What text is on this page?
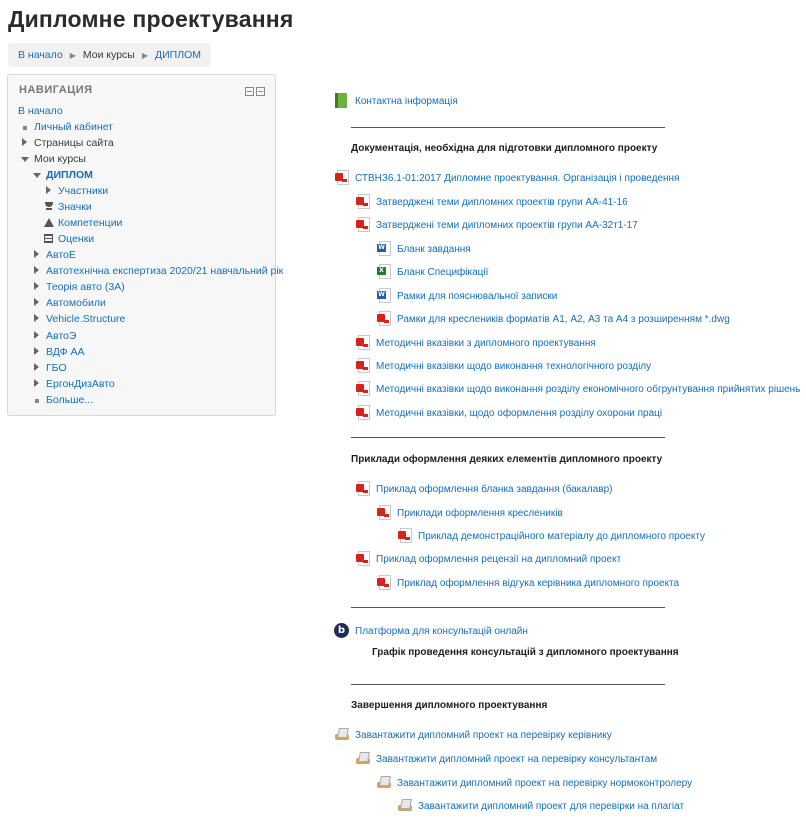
Дипломне проектування
В начало ▶ Мои курсы ▶ ДИПЛОМ
НАВИГАЦИЯ
В начало
Личный кабинет
Страницы сайта
Мои курсы
ДИПЛОМ
Участники
Значки
Компетенции
Оценки
АвтоЕ
Автотехнічна експертиза 2020/21 навчальний рік
Теорія авто (3А)
Автомобили
Vehicle.Structure
АвтоЭ
ВДФ АА
ГБО
ЕргонДизАвто
Больше...
Контактна інформація
Документація, необхідна для підготовки дипломного проекту
СТВНЗ6.1-01:2017 Дипломне проектування. Організація і проведення
Затверджені теми дипломних проектів групи АА-41-16
Затверджені теми дипломних проектів групи АА-32т1-17
W
Бланк завдання
X
Бланк Специфікації
W
Рамки для пояснювальної записки
Рамки для креслеників форматів А1, А2, А3 та А4 з розширенням *.dwg
Методичні вказівки з дипломного проектування
Методичні вказівки щодо виконання технологічного розділу
Методичні вказівки щодо виконання розділу економічного обгрунтування прийнятих рішень
Методичні вказівки, щодо оформлення розділу охорони праці
Приклади оформлення деяких елементів дипломного проекту
Приклад оформлення бланка завдання (бакалавр)
Приклади оформлення креслеників
Приклад демонстраційного матеріалу до дипломного проекту
Приклад оформлення рецензії на дипломний проект
Приклад оформлення відгука керівника дипломного проекта
b Платформа для консультацій онлайн
Графік проведення консультацій з дипломного проектування
Завершення дипломного проектування
Завантажити дипломний проект на перевірку керівнику
Завантажити дипломний проект на перевірку консультантам
Завантажити дипломний проект на перевірку нормоконтролеру
Завантажити дипломний проект для перевірки на плагіат
